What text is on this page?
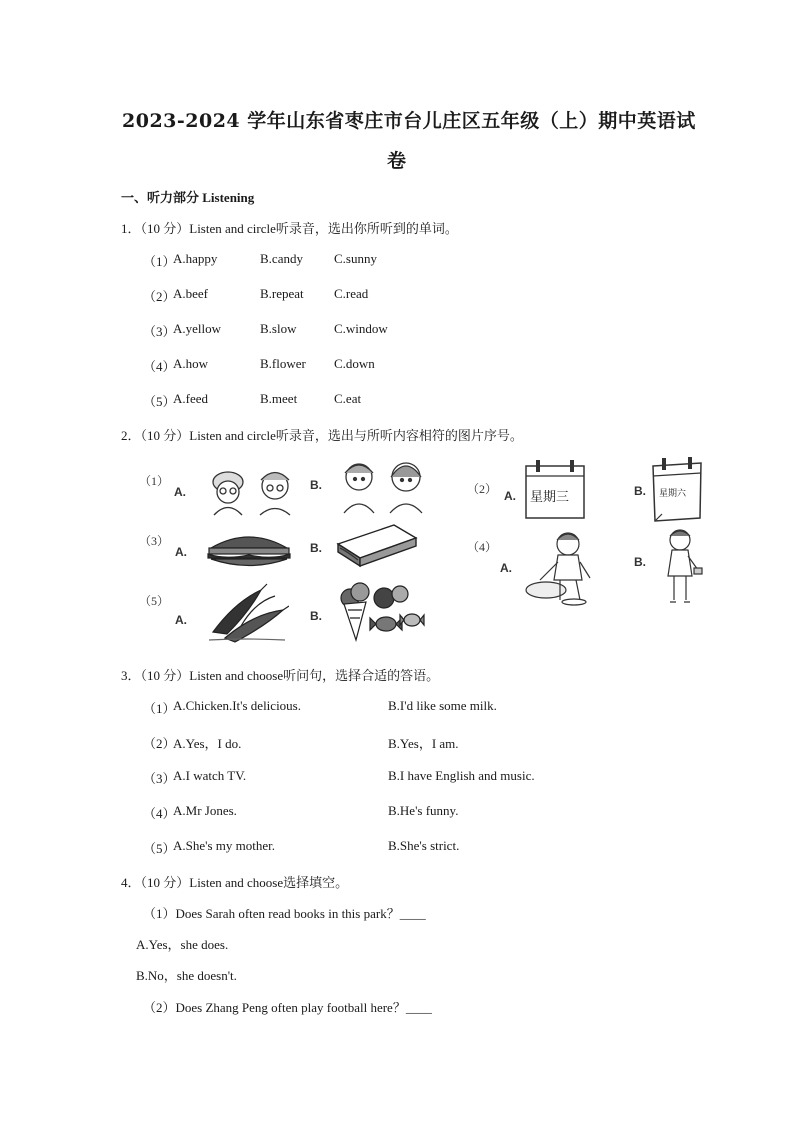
2023-2024 学年山东省枣庄市台儿庄区五年级（上）期中英语试
卷
一、听力部分 Listening
1．（10 分）Listen and circle听录音，选出你所听到的单词。
（1）
A.happy	B.candy C.sunny
（2）
A.beef	B.repeat C.read
（3）
A.yellow	B.slow	C.window
（4）
A.how	B.flower C.down
（5）
A.feed	B.meet	C.eat
2．（10 分）Listen and circle听录音，选出与所听内容相符的图片序号。
（1）
A.	B.	（2） A. 星期三	B. 星期六
（3）
A.	B.	（4）
A.	B.
（5）
A.	B.
3．（10 分）Listen and choose听问句，选择合适的答语。
（1）
A.Chicken.It's delicious.	B.I'd like some milk.
（2）
A.Yes，I do.	B.Yes，I am.
（3）
A.I watch TV.	B.I have English and music.
（4）
A.Mr Jones.	B.He's funny.
（5）
A.She's my mother.	B.She's strict.
4．（10 分）Listen and choose选择填空。
（1）Does Sarah often read books in this park？____
A.Yes，she does.
B.No，she doesn't.
（2）Does Zhang Peng often play football here？____
